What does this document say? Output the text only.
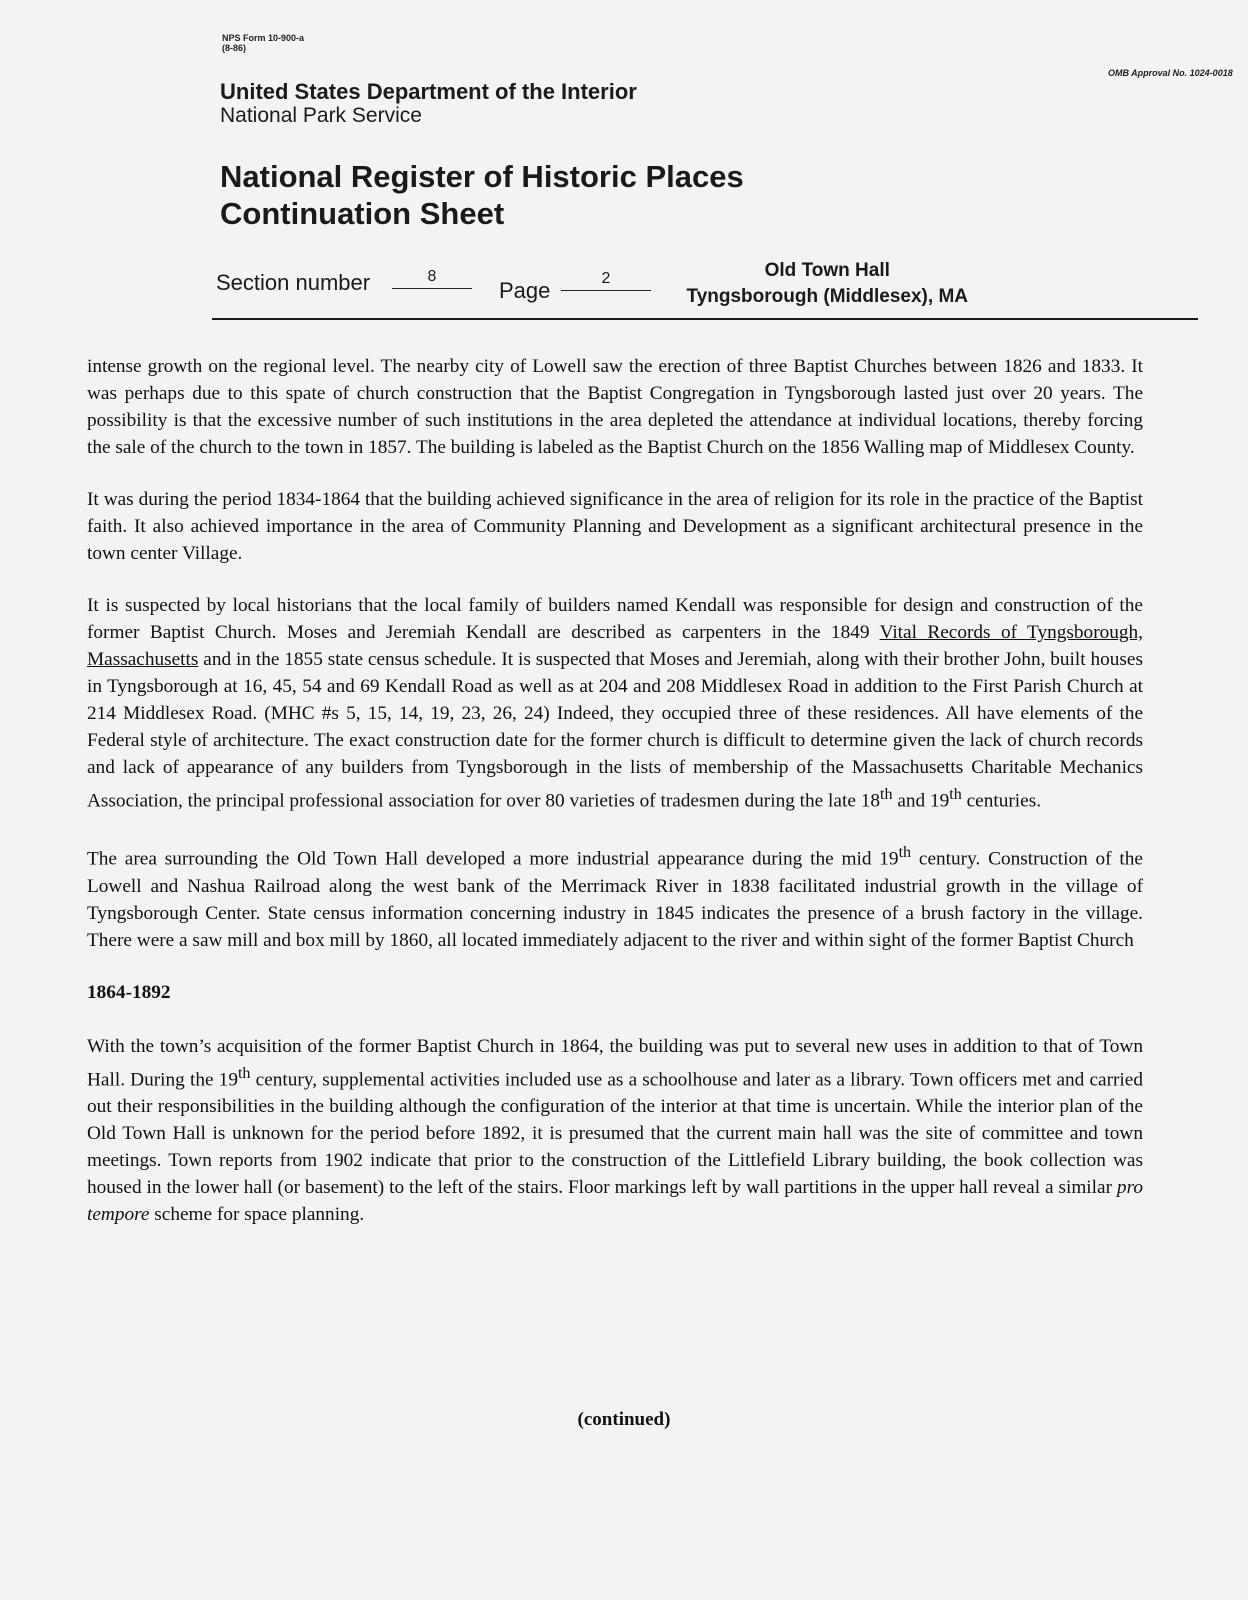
NPS Form 10-900-a
(8-86)
OMB Approval No. 1024-0018
United States Department of the Interior
National Park Service
National Register of Historic Places
Continuation Sheet
Section number	8
Page	2	Old Town Hall
Tyngsborough (Middlesex), MA

intense growth on the regional level. The nearby city of Lowell saw the erection of three Baptist Churches between 1826 and 1833. It was perhaps due to this spate of church construction that the Baptist Congregation in Tyngsborough lasted just over 20 years. The possibility is that the excessive number of such institutions in the area depleted the attendance at individual locations, thereby forcing the sale of the church to the town in 1857. The building is labeled as the Baptist Church on the 1856 Walling map of Middlesex County.

It was during the period 1834-1864 that the building achieved significance in the area of religion for its role in the practice of the Baptist faith. It also achieved importance in the area of Community Planning and Development as a significant architectural presence in the town center Village.

It is suspected by local historians that the local family of builders named Kendall was responsible for design and construction of the former Baptist Church. Moses and Jeremiah Kendall are described as carpenters in the 1849 Vital Records of Tyngsborough, Massachusetts and in the 1855 state census schedule. It is suspected that Moses and Jeremiah, along with their brother John, built houses in Tyngsborough at 16, 45, 54 and 69 Kendall Road as well as at 204 and 208 Middlesex Road in addition to the First Parish Church at 214 Middlesex Road. (MHC #s 5, 15, 14, 19, 23, 26, 24) Indeed, they occupied three of these residences. All have elements of the Federal style of architecture. The exact construction date for the former church is difficult to determine given the lack of church records and lack of appearance of any builders from Tyngsborough in the lists of membership of the Massachusetts Charitable Mechanics Association, the principal professional association for over 80 varieties of tradesmen during the late 18th and 19th centuries.

The area surrounding the Old Town Hall developed a more industrial appearance during the mid 19th century. Construction of the Lowell and Nashua Railroad along the west bank of the Merrimack River in 1838 facilitated industrial growth in the village of Tyngsborough Center. State census information concerning industry in 1845 indicates the presence of a brush factory in the village. There were a saw mill and box mill by 1860, all located immediately adjacent to the river and within sight of the former Baptist Church

1864-1892

With the town’s acquisition of the former Baptist Church in 1864, the building was put to several new uses in addition to that of Town Hall. During the 19th century, supplemental activities included use as a schoolhouse and later as a library. Town officers met and carried out their responsibilities in the building although the configuration of the interior at that time is uncertain. While the interior plan of the Old Town Hall is unknown for the period before 1892, it is presumed that the current main hall was the site of committee and town meetings. Town reports from 1902 indicate that prior to the construction of the Littlefield Library building, the book collection was housed in the lower hall (or basement) to the left of the stairs. Floor markings left by wall partitions in the upper hall reveal a similar pro tempore scheme for space planning.

(continued)
